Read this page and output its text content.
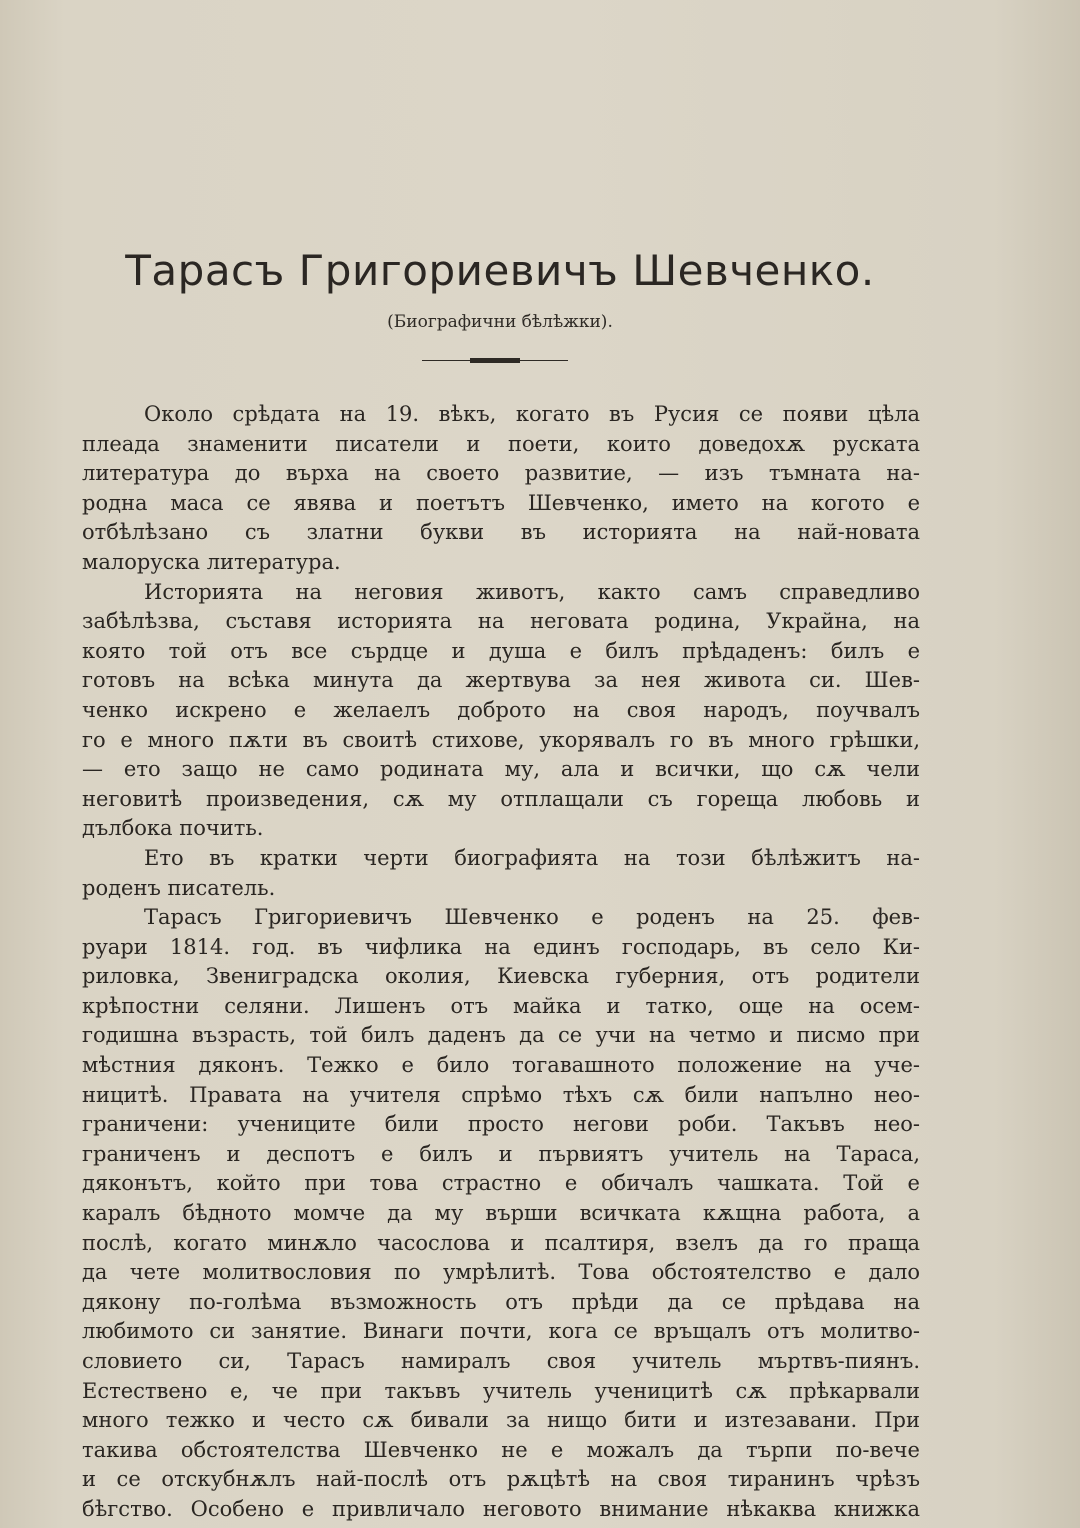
Тарасъ Григориевичъ Шевченко.
(Биографични бѣлѣжки).
Около срѣдата на 19. вѣкъ, когато въ Русия се появи цѣла
плеада знаменити писатели и поети, които доведохѫ руската
литература до върха на своето развитие, — изъ тъмната на-
родна маса се явява и поетътъ Шевченко, името на когото е
отбѣлѣзано съ златни букви въ историята на най-новата
малоруска литература.
Историята на неговия животъ, както самъ справедливо
забѣлѣзва, съставя историята на неговата родина, Украйна, на
която той отъ все сърдце и душа е билъ прѣдаденъ: билъ е
готовъ на всѣка минута да жертвува за нея живота си. Шев-
ченко искрено е желаелъ доброто на своя народъ, поучвалъ
го е много пѫти въ своитѣ стихове, укорявалъ го въ много грѣшки,
— ето защо не само родината му, ала и всички, що сѫ чели
неговитѣ произведения, сѫ му отплащали съ гореща любовь и
дълбока почить.
Ето въ кратки черти биографията на този бѣлѣжитъ на-
роденъ писатель.
Тарасъ Григориевичъ Шевченко е роденъ на 25. фев-
руари 1814. год. въ чифлика на единъ господарь, въ село Ки-
риловка, Звенигрaдска околия, Киевска губерния, отъ родители
крѣпостни селяни. Лишенъ отъ майка и татко, още на осем-
годишна възрасть, той билъ даденъ да се учи на четмо и писмо при
мѣстния дяконъ. Тежко е било тогавашното положение на уче-
ницитѣ. Правата на учителя спрѣмо тѣхъ сѫ били напълно нео-
граничени: учениците били просто негови роби. Такъвъ нео-
граниченъ и деспотъ е билъ и първиятъ учитель на Тараса,
дяконътъ, който при това страстно е обичалъ чашката. Той е
каралъ бѣдното момче да му върши всичката кѫщна работа, а
послѣ, когато минѫло часослова и псалтиря, взелъ да го праща
да чете молитвословия по умрѣлитѣ. Това обстоятелство е дало
дякону по-голѣма възможность отъ прѣди да се прѣдава на
любимото си занятие. Винаги почти, кога се връщалъ отъ молитво-
словието си, Тарасъ намиралъ своя учитель мъртвъ-пиянъ.
Естествено е, че при такъвъ учитель ученицитѣ сѫ прѣкарвали
много тежко и често сѫ бивали за нищо бити и изтезавани. При
такива обстоятелства Шевченко не е можалъ да търпи по-вече
и се отскубнѫлъ най-послѣ отъ рѫцѣтѣ на своя тиранинъ чрѣзъ
бѣгство. Особено е привличало неговото внимание нѣкаква книжка
